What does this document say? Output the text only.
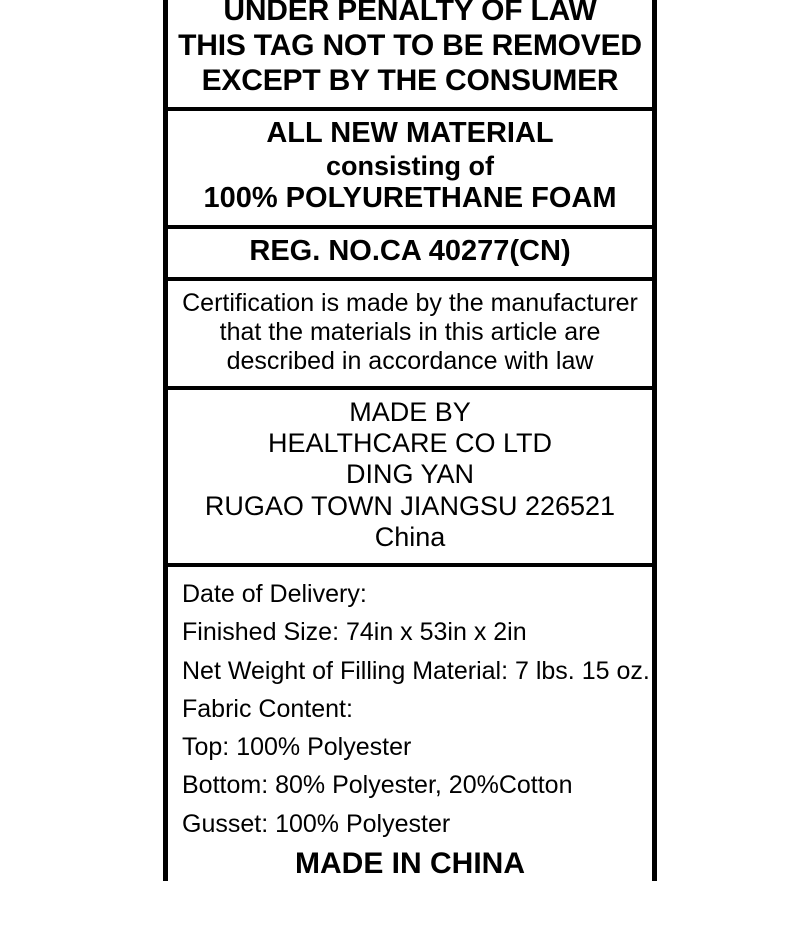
UNDER PENALTY OF LAW
THIS TAG NOT TO BE REMOVED
EXCEPT BY THE CONSUMER
ALL NEW MATERIAL
consisting of
100% POLYURETHANE FOAM
REG. NO.CA 40277(CN)
Certification is made by the manufacturer
that the materials in this article are
described in accordance with law
MADE BY
HEALTHCARE CO LTD
DING YAN
RUGAO TOWN JIANGSU 226521
China
Date of Delivery:
Finished Size: 74in x 53in x 2in
Net Weight of Filling Material: 7 lbs. 15 oz.
Fabric Content:
Top: 100% Polyester
Bottom: 80% Polyester, 20%Cotton
Gusset: 100% Polyester
MADE IN CHINA
